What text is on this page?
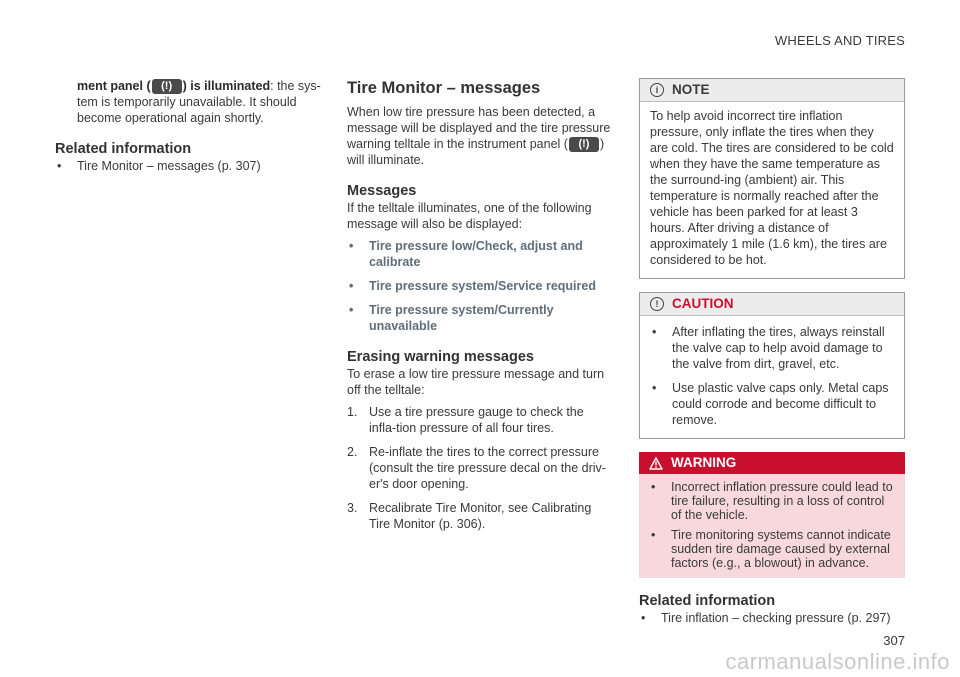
WHEELS AND TIRES

ment panel ( (!) ) is illuminated: the sys-tem is temporarily unavailable. It should become operational again shortly.

Related information
• Tire Monitor – messages (p. 307)
Tire Monitor – messages

When low tire pressure has been detected, a message will be displayed and the tire pressure warning telltale in the instrument panel ( (!) ) will illuminate.

Messages

If the telltale illuminates, one of the following message will also be displayed:

• Tire pressure low/Check, adjust and calibrate
• Tire pressure system/Service required
• Tire pressure system/Currently unavailable
Erasing warning messages

To erase a low tire pressure message and turn off the telltale:

1. Use a tire pressure gauge to check the infla-tion pressure of all four tires.
2. Re-inflate the tires to the correct pressure (consult the tire pressure decal on the driv-er's door opening.
3. Recalibrate Tire Monitor, see Calibrating Tire Monitor (p. 306).
i	NOTE
To help avoid incorrect tire inflation pressure, only inflate the tires when they are cold. The tires are considered to be cold when they have the same temperature as the surround-ing (ambient) air. This temperature is normally reached after the vehicle has been parked for at least 3 hours. After driving a distance of approximately 1 mile (1.6 km), the tires are considered to be hot.
!	CAUTION
• After inflating the tires, always reinstall the valve cap to help avoid damage to the valve from dirt, gravel, etc.
• Use plastic valve caps only. Metal caps could corrode and become difficult to remove.
WARNING
• Incorrect inflation pressure could lead to tire failure, resulting in a loss of control of the vehicle.
• Tire monitoring systems cannot indicate sudden tire damage caused by external factors (e.g., a blowout) in advance.
Related information
• Tire inflation – checking pressure (p. 297)
307
carmanualsonline.info
